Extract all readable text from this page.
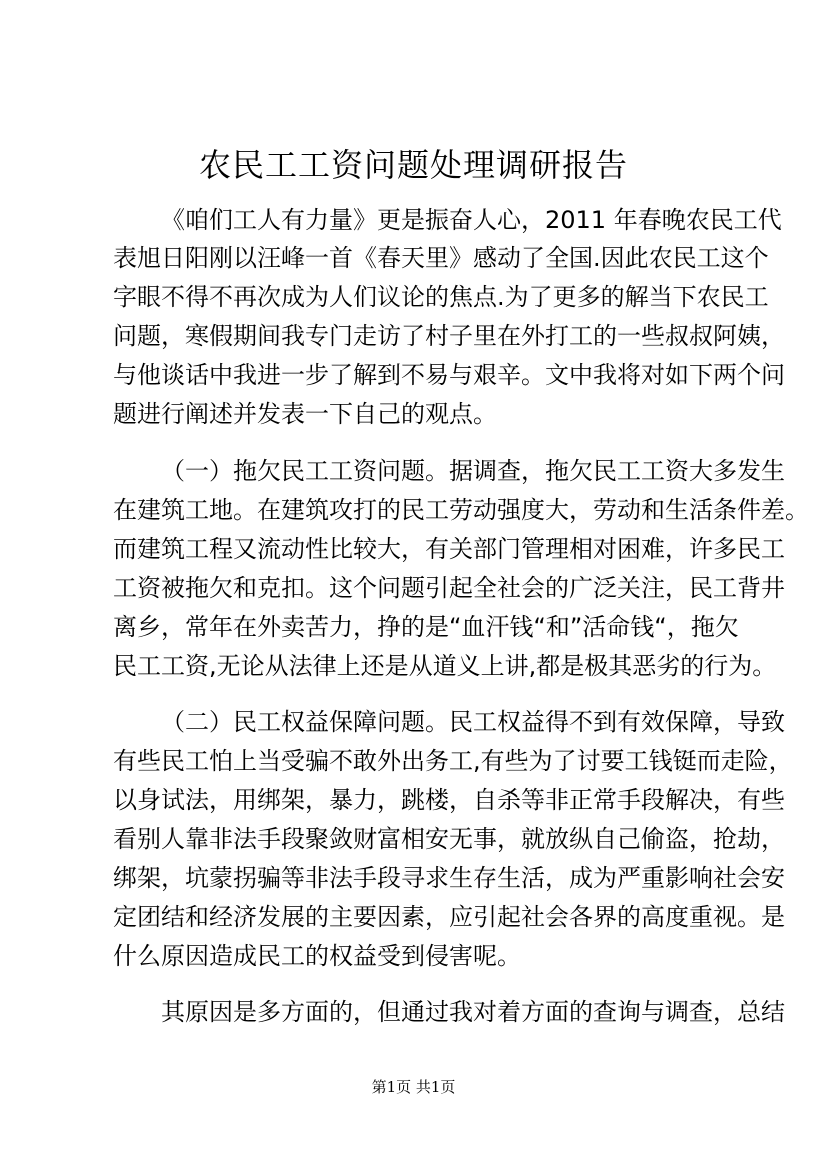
农民工工资问题处理调研报告

《咱们工人有力量》更是振奋人心，2011 年春晚农民工代

表旭日阳刚以汪峰一首《春天里》感动了全国.因此农民工这个

字眼不得不再次成为人们议论的焦点.为了更多的解当下农民工

问题，寒假期间我专门走访了村子里在外打工的一些叔叔阿姨，

与他谈话中我进一步了解到不易与艰辛。文中我将对如下两个问

题进行阐述并发表一下自己的观点。

（一）拖欠民工工资问题。据调查，拖欠民工工资大多发生

在建筑工地。在建筑攻打的民工劳动强度大，劳动和生活条件差。

而建筑工程又流动性比较大，有关部门管理相对困难，许多民工

工资被拖欠和克扣。这个问题引起全社会的广泛关注，民工背井

离乡，常年在外卖苦力，挣的是“血汗钱“和”活命钱“，拖欠

民工工资,无论从法律上还是从道义上讲,都是极其恶劣的行为。

（二）民工权益保障问题。民工权益得不到有效保障，导致

有些民工怕上当受骗不敢外出务工,有些为了讨要工钱铤而走险，

以身试法，用绑架，暴力，跳楼，自杀等非正常手段解决，有些

看别人靠非法手段聚敛财富相安无事，就放纵自己偷盗，抢劫，

绑架，坑蒙拐骗等非法手段寻求生存生活，成为严重影响社会安

定团结和经济发展的主要因素，应引起社会各界的高度重视。是

什么原因造成民工的权益受到侵害呢。

其原因是多方面的，但通过我对着方面的查询与调查，总结

第1页 共1页
